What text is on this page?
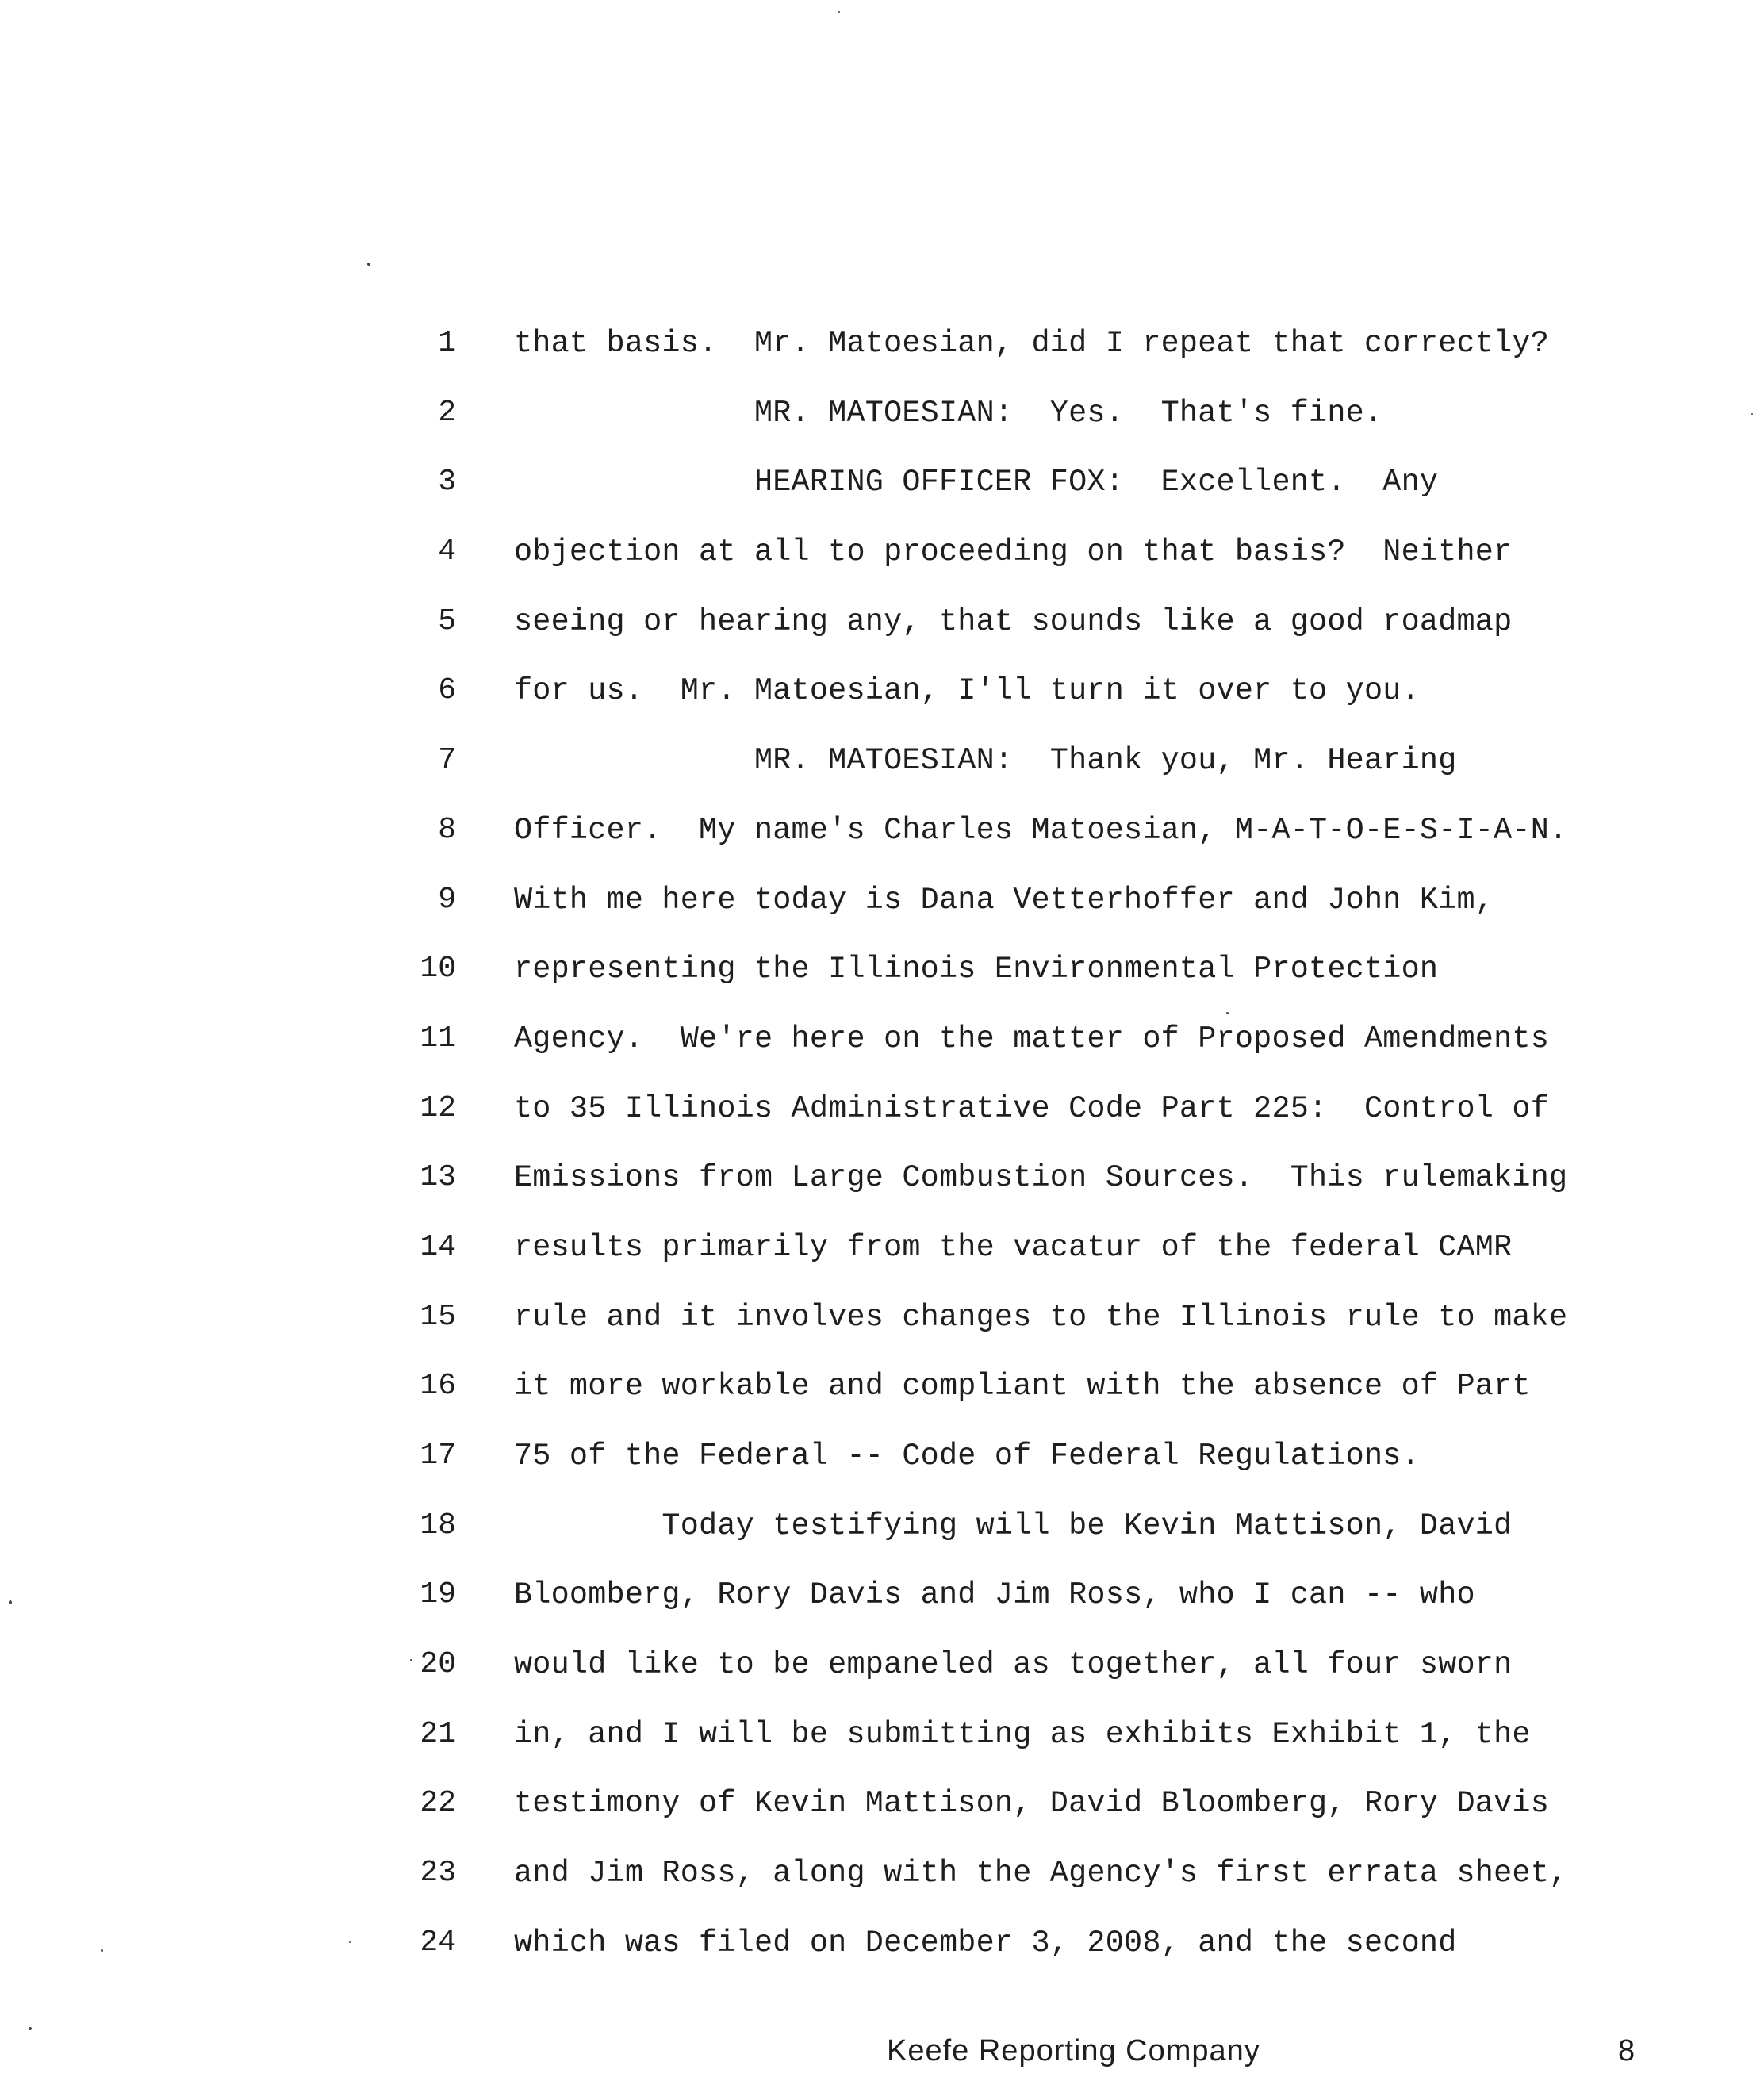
1 that basis.  Mr. Matoesian, did I repeat that correctly?
2 MR. MATOESIAN:  Yes.  That's fine.
3 HEARING OFFICER FOX:  Excellent.  Any
4 objection at all to proceeding on that basis?  Neither
5 seeing or hearing any, that sounds like a good roadmap
6 for us.  Mr. Matoesian, I'll turn it over to you.
7 MR. MATOESIAN:  Thank you, Mr. Hearing
8 Officer.  My name's Charles Matoesian, M-A-T-O-E-S-I-A-N.
9 With me here today is Dana Vetterhoffer and John Kim,
10 representing the Illinois Environmental Protection
11 Agency.  We're here on the matter of Proposed Amendments
12 to 35 Illinois Administrative Code Part 225:  Control of
13 Emissions from Large Combustion Sources.  This rulemaking
14 results primarily from the vacatur of the federal CAMR
15 rule and it involves changes to the Illinois rule to make
16 it more workable and compliant with the absence of Part
17 75 of the Federal -- Code of Federal Regulations.
18 Today testifying will be Kevin Mattison, David
19 Bloomberg, Rory Davis and Jim Ross, who I can -- who
20 would like to be empaneled as together, all four sworn
21 in, and I will be submitting as exhibits Exhibit 1, the
22 testimony of Kevin Mattison, David Bloomberg, Rory Davis
23 and Jim Ross, along with the Agency's first errata sheet,
24 which was filed on December 3, 2008, and the second
Keefe Reporting Company	8
